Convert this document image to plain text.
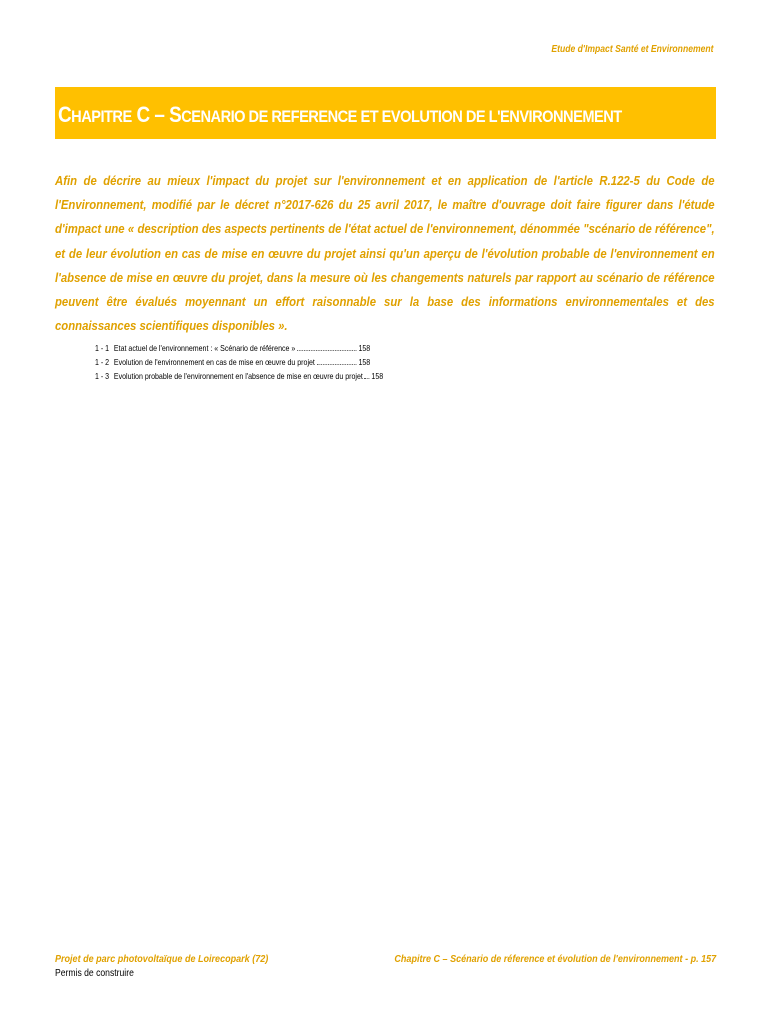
Etude d'Impact Santé et Environnement
CHAPITRE C – SCENARIO DE REFERENCE ET EVOLUTION DE L'ENVIRONNEMENT

Afin de décrire au mieux l'impact du projet sur l'environnement et en application de l'article R.122-5 du Code de l'Environnement, modifié par le décret n°2017-626 du 25 avril 2017, le maître d'ouvrage doit faire figurer dans l'étude d'impact une « description des aspects pertinents de l'état actuel de l'environnement, dénommée "scénario de référence", et de leur évolution en cas de mise en œuvre du projet ainsi qu'un aperçu de l'évolution probable de l'environnement en l'absence de mise en œuvre du projet, dans la mesure où les changements naturels par rapport au scénario de référence peuvent être évalués moyennant un effort raisonnable sur la base des informations environnementales et des connaissances scientifiques disponibles ».

1 - 1 Etat actuel de l'environnement : « Scénario de référence »	158
1 - 2 Evolution de l'environnement en cas de mise en œuvre du projet	158
1 - 3 Evolution probable de l'environnement en l'absence de mise en œuvre du projet 158
Projet de parc photovoltaïque de Loirecopark (72)
Permis de construire
Chapitre C – Scénario de réference et évolution de l'environnement - p. 157
